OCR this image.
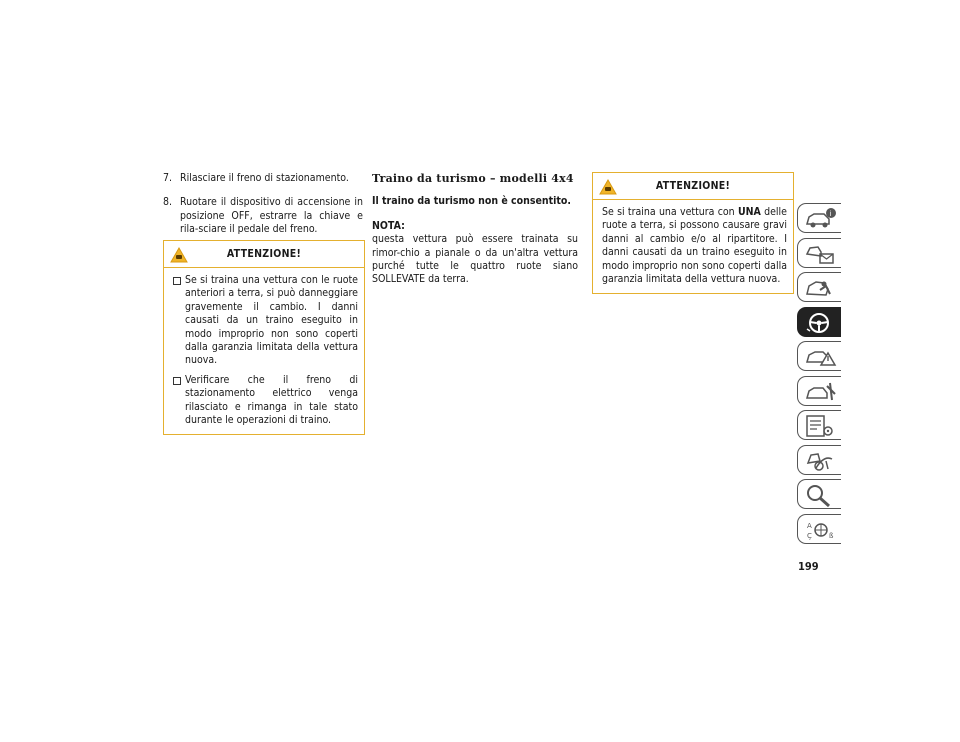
7. Rilasciare il freno di stazionamento.
8. Ruotare il dispositivo di accensione in posizione OFF, estrarre la chiave e rila-sciare il pedale del freno.
ATTENZIONE!
Se si traina una vettura con le ruote anteriori a terra, si può danneggiare gravemente il cambio. I danni causati da un traino eseguito in modo improprio non sono coperti dalla garanzia limitata della vettura nuova.
Verificare che il freno di stazionamento elettrico venga rilasciato e rimanga in tale stato durante le operazioni di traino.
Traino da turismo – modelli 4x4
Il traino da turismo non è consentito.
NOTA:
questa vettura può essere trainata su rimor-chio a pianale o da un'altra vettura purché tutte le quattro ruote siano SOLLEVATE da terra.
ATTENZIONE!
Se si traina una vettura con UNA delle ruote a terra, si possono causare gravi danni al cambio e/o al ripartitore. I danni causati da un traino eseguito in modo improprio non sono coperti dalla garanzia limitata della vettura nuova.
i
A
Ç ß
199
